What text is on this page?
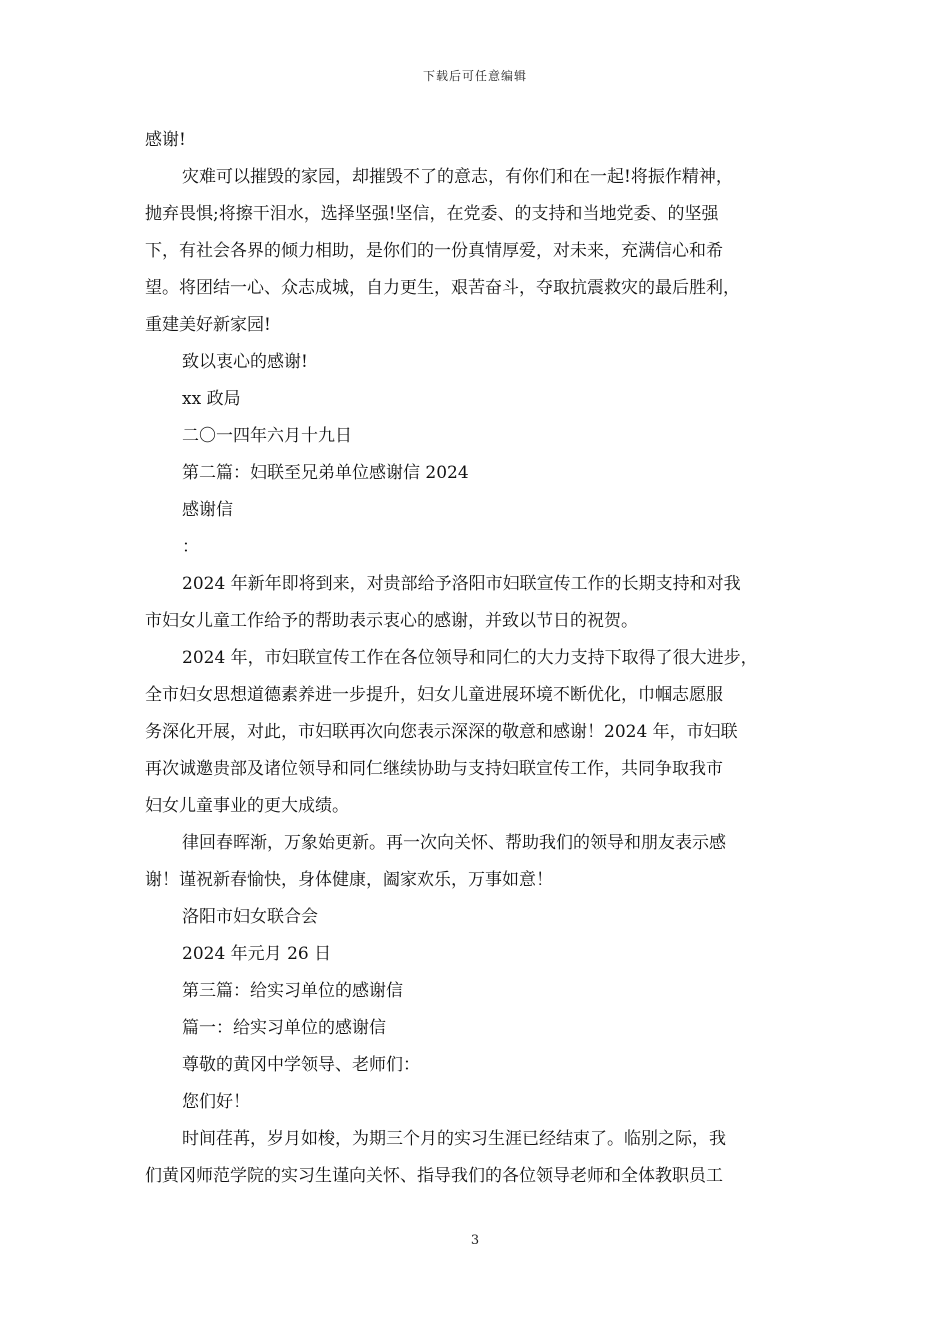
下载后可任意编辑
感谢!
灾难可以摧毁的家园，却摧毁不了的意志，有你们和在一起!将振作精神，
抛弃畏惧;将擦干泪水，选择坚强!坚信，在党委、的支持和当地党委、的坚强
下，有社会各界的倾力相助，是你们的一份真情厚爱，对未来，充满信心和希
望。将团结一心、众志成城，自力更生，艰苦奋斗，夺取抗震救灾的最后胜利，
重建美好新家园!
致以衷心的感谢!
xx 政局
二〇一四年六月十九日
第二篇：妇联至兄弟单位感谢信 2024
感谢信
：
2024 年新年即将到来，对贵部给予洛阳市妇联宣传工作的长期支持和对我
市妇女儿童工作给予的帮助表示衷心的感谢，并致以节日的祝贺。
2024 年，市妇联宣传工作在各位领导和同仁的大力支持下取得了很大进步，
全市妇女思想道德素养进一步提升，妇女儿童进展环境不断优化，巾帼志愿服
务深化开展，对此，市妇联再次向您表示深深的敬意和感谢！2024 年，市妇联
再次诚邀贵部及诸位领导和同仁继续协助与支持妇联宣传工作，共同争取我市
妇女儿童事业的更大成绩。
律回春晖渐，万象始更新。再一次向关怀、帮助我们的领导和朋友表示感
谢！谨祝新春愉快，身体健康，阖家欢乐，万事如意！
洛阳市妇女联合会
2024 年元月 26 日
第三篇：给实习单位的感谢信
篇一：给实习单位的感谢信
尊敬的黄冈中学领导、老师们：
您们好！
时间荏苒，岁月如梭，为期三个月的实习生涯已经结束了。临别之际，我
们黄冈师范学院的实习生谨向关怀、指导我们的各位领导老师和全体教职员工
3
